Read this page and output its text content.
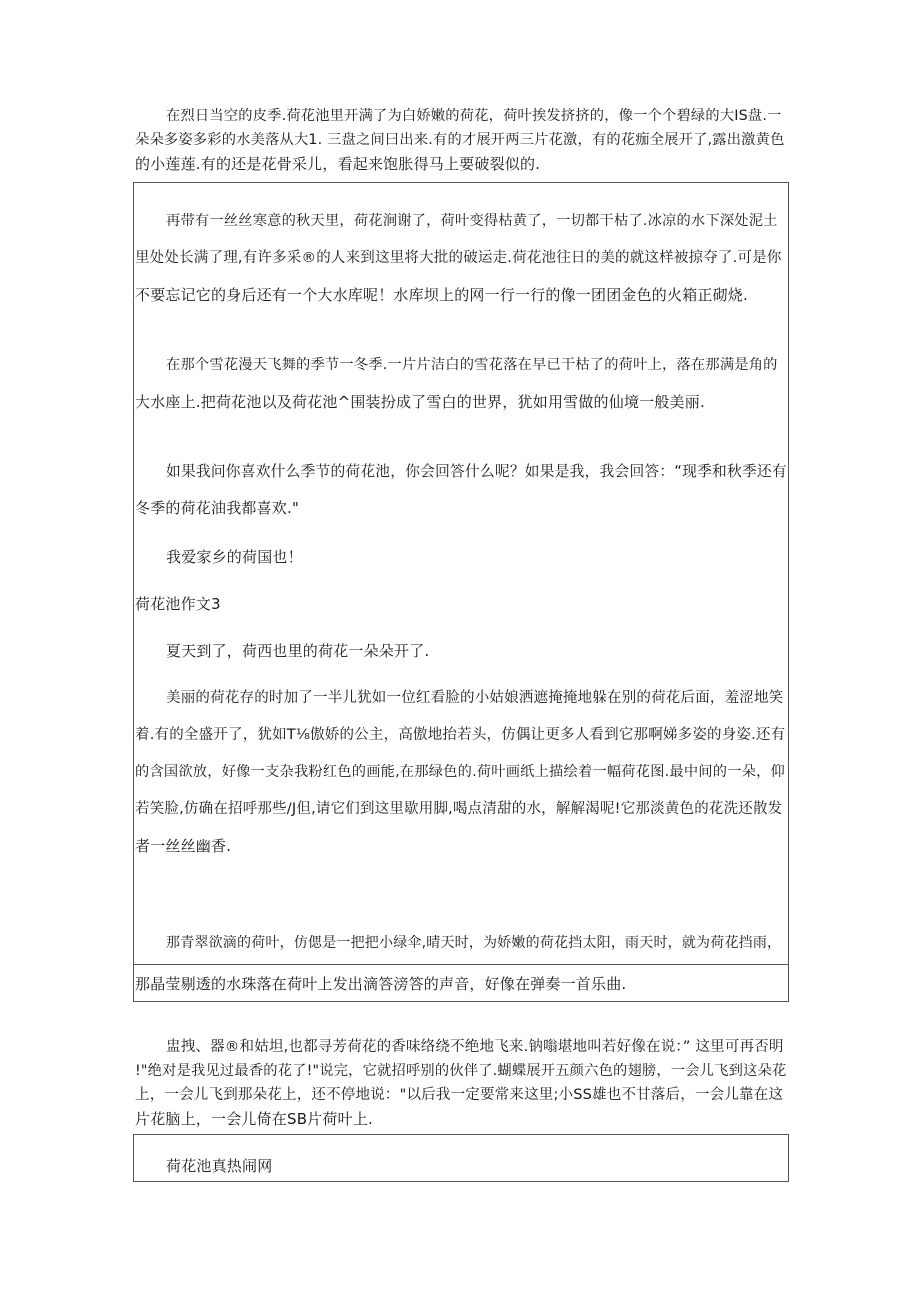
在烈日当空的皮季.荷花池里开满了为白娇嫩的荷花，荷叶挨发挤挤的，像一个个碧绿的大IS盘.一
朵朵多姿多彩的水美落从大1. 三盘之间曰出来.有的才展开两三片花激，有的花痂全展开了,露出激黄色
的小莲莲.有的还是花骨采儿，看起来饱胀得马上要破裂似的.
再带有一丝丝寒意的秋天里，荷花涧谢了，荷叶变得枯黄了，一切都干枯了.冰凉的水下深处泥土
里处处长满了理,有许多采®的人来到这里将大批的破运走.荷花池往日的美的就这样被掠夺了.可是你
不要忘记它的身后还有一个大水库呢！水库坝上的网一行一行的像一团团金色的火箱正砌烧.
在那个雪花漫天飞舞的季节一冬季.一片片洁白的雪花落在早已干枯了的荷叶上，落在那满是角的
大水座上.把荷花池以及荷花池^围装扮成了雪白的世界，犹如用雪做的仙境一般美丽.
如果我问你喜欢什么季节的荷花池，你会回答什么呢？如果是我，我会回答：“现季和秋季还有
冬季的荷花油我都喜欢."
我爱家乡的荷国也！
荷花池作文3
夏天到了，荷西也里的荷花一朵朵开了.
美丽的荷花存的时加了一半儿犹如一位红看脸的小姑娘洒遮掩掩地躲在别的荷花后面，羞涩地笑
着.有的全盛开了，犹如T⅛傲娇的公主，高傲地抬若头，仿偶让更多人看到它那啊娣多姿的身姿.还有
的含国欲放，好像一支杂我粉红色的画能,在那绿色的.荷叶画纸上描绘着一幅荷花图.最中间的一朵，仰
若笑脸,仿确在招呼那些/J但,请它们到这里歇用脚,喝点清甜的水，解解渴呢!它那淡黄色的花洗还散发
者一丝丝幽香.
那青翠欲滴的荷叶，仿偲是一把把小绿伞,晴天时，为娇嫩的荷花挡太阳，雨天时，就为荷花挡雨，
那晶莹剔透的水珠落在荷叶上发出滴答滂答的声音，好像在弹奏一首乐曲.
盅拽、器®和姑坦,也都寻芳荷花的香味络绕不绝地飞来.钠嗡堪地叫若好像在说：” 这里可再否明
!"绝对是我见过最香的花了!"说完，它就招呼别的伙伴了.蝴蝶展开五颜六色的翅膀，一会儿飞到这朵花
上，一会儿飞到那朵花上，还不停地说："以后我一定要常来这里;小SS雄也不甘落后，一会儿靠在这
片花脑上，一会儿倚在SB片荷叶上.
荷花池真热闹网
